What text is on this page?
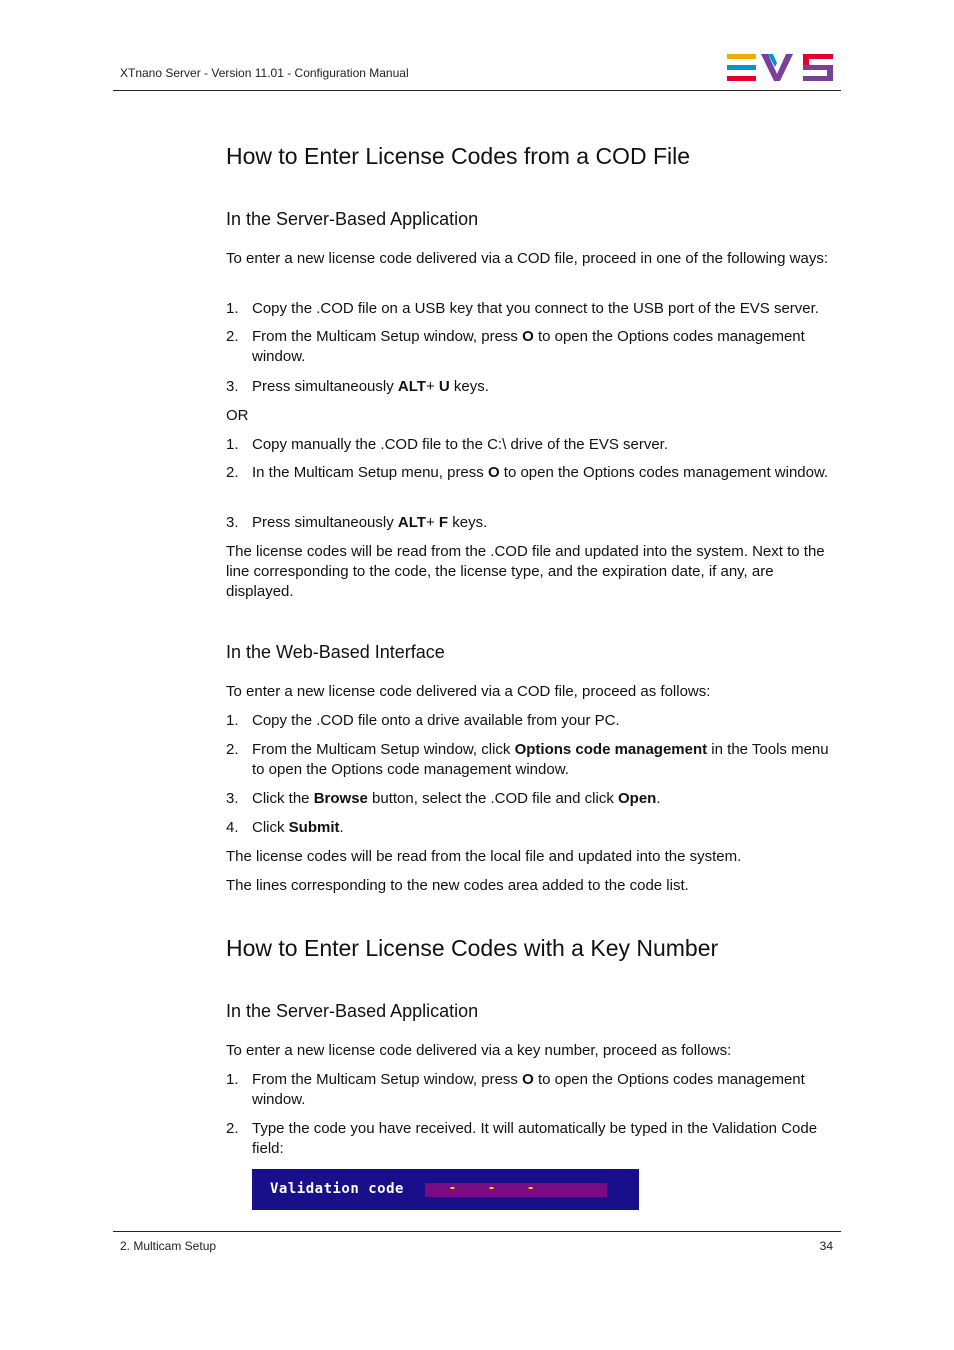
XTnano Server - Version 11.01 - Configuration Manual
How to Enter License Codes from a COD File
In the Server-Based Application
To enter a new license code delivered via a COD file, proceed in one of the following ways:
1. Copy the .COD file on a USB key that you connect to the USB port of the EVS server.
2. From the Multicam Setup window, press O to open the Options codes management window.
3. Press simultaneously ALT+ U keys.
OR
1. Copy manually the .COD file to the C:\ drive of the EVS server.
2. In the Multicam Setup menu, press O to open the Options codes management window.
3. Press simultaneously ALT+ F keys.
The license codes will be read from the .COD file and updated into the system. Next to the line corresponding to the code, the license type, and the expiration date, if any, are displayed.
In the Web-Based Interface
To enter a new license code delivered via a COD file, proceed as follows:
1. Copy the .COD file onto a drive available from your PC.
2. From the Multicam Setup window, click Options code management in the Tools menu to open the Options code management window.
3. Click the Browse button, select the .COD file and click Open.
4. Click Submit.
The license codes will be read from the local file and updated into the system.
The lines corresponding to the new codes area added to the code list.
How to Enter License Codes with a Key Number
In the Server-Based Application
To enter a new license code delivered via a key number, proceed as follows:
1. From the Multicam Setup window, press O to open the Options codes management window.
2. Type the code you have received. It will automatically be typed in the Validation Code field:
Validation code -    -    -
2. Multicam Setup	34
